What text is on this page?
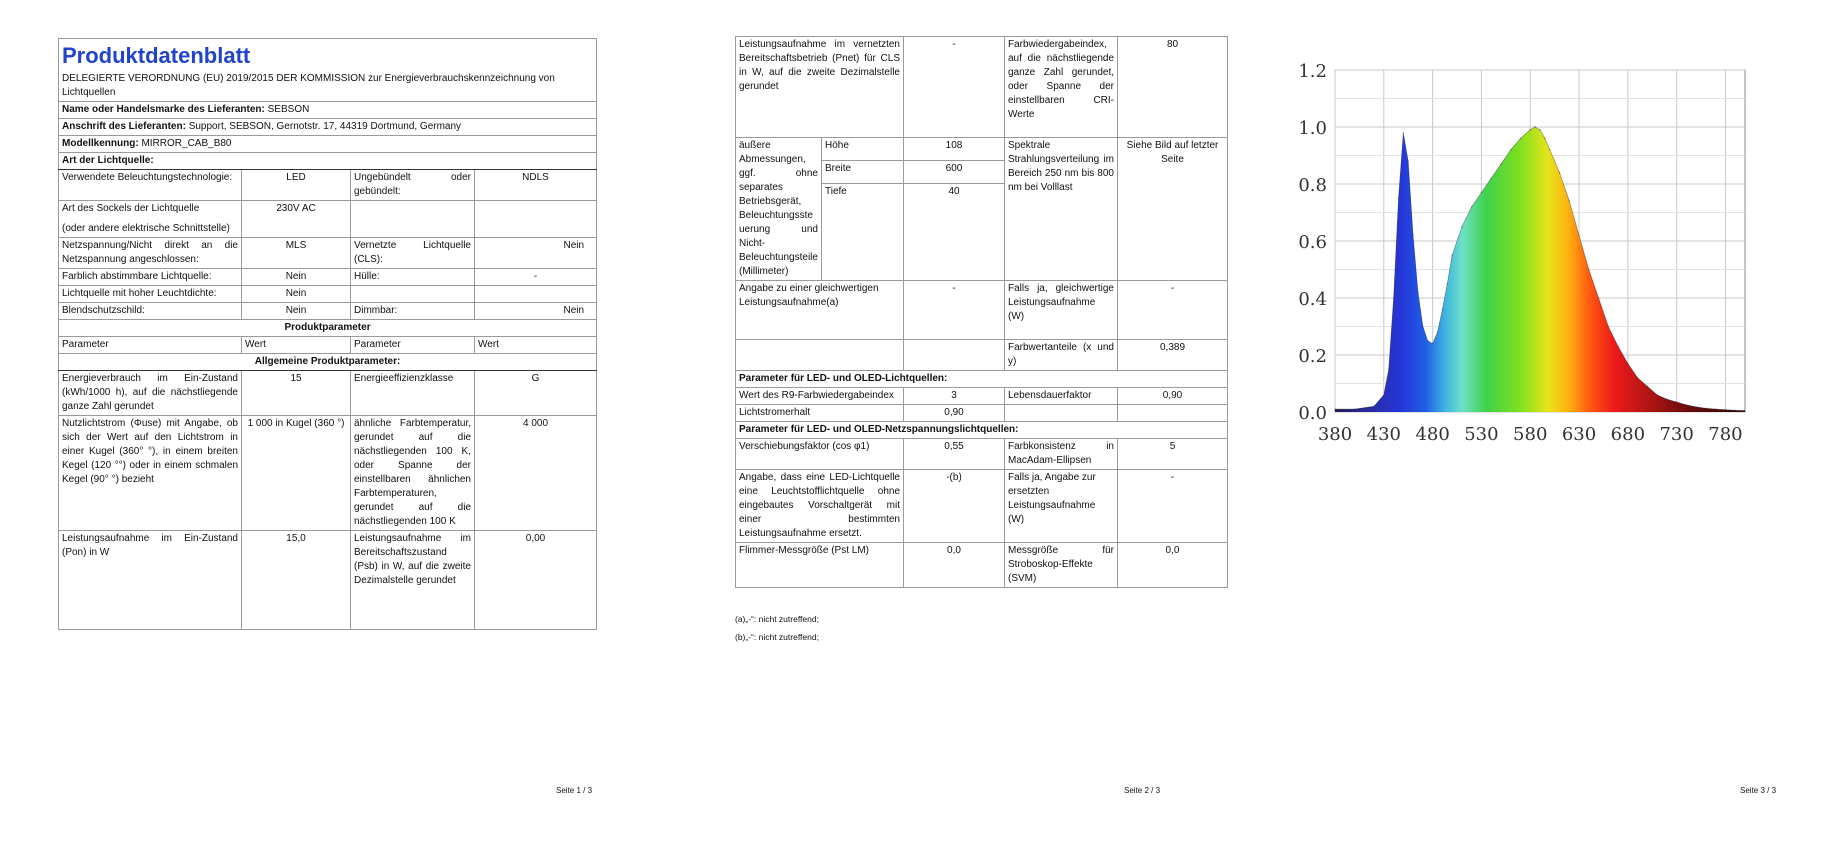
Produktdatenblatt			

DELEGIERTE VERORDNUNG (EU) 2019/2015 DER KOMMISSION zur Energieverbrauchskennzeichnung von Lichtquellen			
Name oder Handelsmarke des Lieferanten: SEBSON			
Anschrift des Lieferanten: Support, SEBSON, Gernotstr. 17, 44319 Dortmund, Germany			
Modellkennung: MIRROR_CAB_B80			
Art der Lichtquelle:			
Verwendete Beleuchtungstechnologie:	LED	Ungebündelt oder gebündelt:	NDLS

Art des Sockels der Lichtquelle
(oder andere elektrische Schnittstelle)	230V AC		
Netzspannung/Nicht direkt an die Netzspannung angeschlossen:	MLS	Vernetzte Lichtquelle (CLS):	Nein
Farblich abstimmbare Lichtquelle:	Nein	Hülle:	-
Lichtquelle mit hoher Leuchtdichte:	Nein		
Blendschutzschild:	Nein	Dimmbar:	Nein
Produktparameter			
Parameter	Wert	Parameter	Wert
Allgemeine Produktparameter:			
Energieverbrauch im Ein-Zustand (kWh/1000 h), auf die nächstliegende ganze Zahl gerundet	15	Energieeffizienzklasse	G
Nutzlichtstrom (Φuse) mit Angabe, ob sich der Wert auf den Lichtstrom in einer Kugel (360° °), in einem breiten Kegel (120 °°) oder in einem schmalen Kegel (90° °) bezieht	1 000 in Kugel (360 °)	ähnliche Farbtemperatur, gerundet auf die nächstliegenden 100 K, oder Spanne der einstellbaren ähnlichen Farbtemperaturen, gerundet auf die nächstliegenden 100 K	4 000
Leistungsaufnahme im Ein-Zustand (Pon) in W	15,0	Leistungsaufnahme im Bereitschaftszustand (Psb) in W, auf die zweite Dezimalstelle gerundet	0,00
Seite 1 / 3
Leistungsaufnahme im vernetzten Bereitschaftsbetrieb (Pnet) für CLS in W, auf die zweite Dezimalstelle gerundet		-	Farbwiedergabeindex, auf die nächstliegende ganze Zahl gerundet, oder Spanne der einstellbaren CRI-Werte	80
äußere Abmessungen, ggf. ohne separates Betriebsgerät, Beleuchtungssteuerung und Nicht-Beleuchtungsteile (Millimeter)	Höhe	108	Spektrale Strahlungsverteilung im Bereich 250 nm bis 800 nm bei Volllast	Siehe Bild auf letzter Seite
	Breite	600		
	Tiefe	40		
Angabe zu einer gleichwertigen Leistungsaufnahme(a)		-	Falls ja, gleichwertige Leistungsaufnahme (W)	-
			Farbwertanteile (x und y)	0,389
Parameter für LED- und OLED-Lichtquellen:				
Wert des R9-Farbwiedergabeindex		3	Lebensdauerfaktor	0,90
Lichtstromerhalt		0,90		
Parameter für LED- und OLED-Netzspannungslichtquellen:				
Verschiebungsfaktor (cos φ1)		0,55	Farbkonsistenz in MacAdam-Ellipsen	5
Angabe, dass eine LED-Lichtquelle eine Leuchtstofflichtquelle ohne eingebautes Vorschaltgerät mit einer bestimmten Leistungsaufnahme ersetzt.		-(b)	Falls ja, Angabe zur ersetzten Leistungsaufnahme (W)	-
Flimmer-Messgröße (Pst LM)		0,0	Messgröße für Stroboskop-Effekte (SVM)	0,0
(a)„-“: nicht zutreffend;
(b)„-“: nicht zutreffend;
Seite 2 / 3	Seite 3 / 3
380 430 480 530 580 630 680 730 780
0.0
0.2
0.4
0.6
0.8
1.0
1.2
